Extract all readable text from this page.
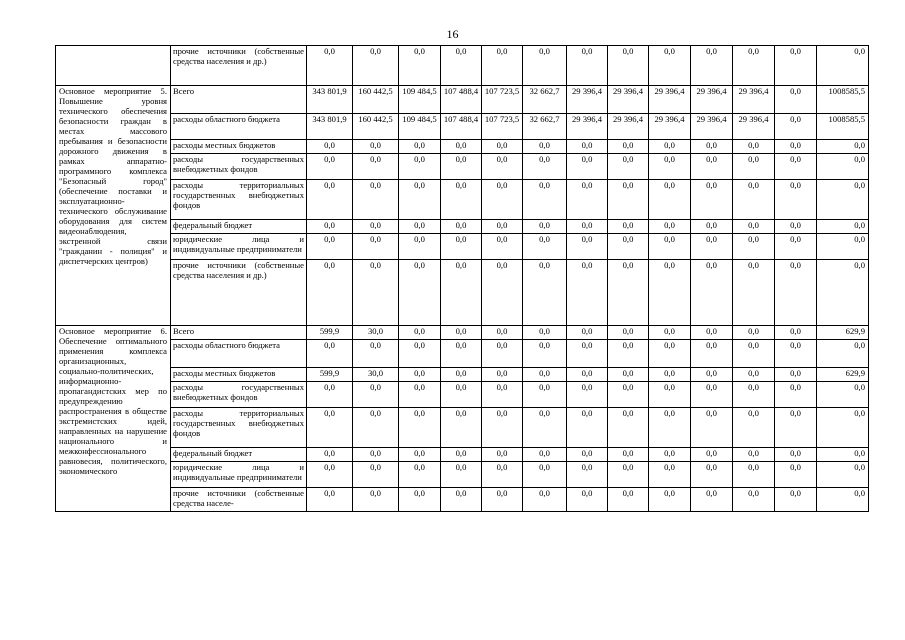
16
	прочие источники (собственные средства населения и др.)	0,0	0,0	0,0	0,0	0,0	0,0	0,0	0,0	0,0	0,0	0,0	0,0	0,0
Основное мероприятие 5. Повышение уровня технического обеспечения безопасности граждан в местах массового пребывания и безопасности дорожного движения в рамках аппаратно-программного комплекса "Безопасный город" (обеспечение поставки и эксплуатационно-технического обслуживание оборудования для систем видеонаблюдения, экстренной связи "гражданин - полиция" и диспетчерских центров)	Всего	343 801,9	160 442,5	109 484,5	107 488,4	107 723,5	32 662,7	29 396,4	29 396,4	29 396,4	29 396,4	29 396,4	0,0	1008585,5
	расходы областного бюджета	343 801,9	160 442,5	109 484,5	107 488,4	107 723,5	32 662,7	29 396,4	29 396,4	29 396,4	29 396,4	29 396,4	0,0	1008585,5
	расходы местных бюджетов	0,0	0,0	0,0	0,0	0,0	0,0	0,0	0,0	0,0	0,0	0,0	0,0	0,0
	расходы государственных внебюджетных фондов	0,0	0,0	0,0	0,0	0,0	0,0	0,0	0,0	0,0	0,0	0,0	0,0	0,0
	расходы территориальных государственных внебюджетных фондов	0,0	0,0	0,0	0,0	0,0	0,0	0,0	0,0	0,0	0,0	0,0	0,0	0,0
	федеральный бюджет	0,0	0,0	0,0	0,0	0,0	0,0	0,0	0,0	0,0	0,0	0,0	0,0	0,0
	юридические лица и индивидуальные предприниматели	0,0	0,0	0,0	0,0	0,0	0,0	0,0	0,0	0,0	0,0	0,0	0,0	0,0
	прочие источники (собственные средства населения и др.)	0,0	0,0	0,0	0,0	0,0	0,0	0,0	0,0	0,0	0,0	0,0	0,0	0,0
Основное мероприятие 6. Обеспечение оптимального применения комплекса организационных, социально-политических, информационно-пропагандистских мер по предупреждению распространения в обществе экстремистских идей, направленных на нарушение национального и межконфессионального равновесия, политического, экономического	Всего	599,9	30,0	0,0	0,0	0,0	0,0	0,0	0,0	0,0	0,0	0,0	0,0	629,9
	расходы областного бюджета	0,0	0,0	0,0	0,0	0,0	0,0	0,0	0,0	0,0	0,0	0,0	0,0	0,0
	расходы местных бюджетов	599,9	30,0	0,0	0,0	0,0	0,0	0,0	0,0	0,0	0,0	0,0	0,0	629,9
	расходы государственных внебюджетных фондов	0,0	0,0	0,0	0,0	0,0	0,0	0,0	0,0	0,0	0,0	0,0	0,0	0,0
	расходы территориальных государственных внебюджетных фондов	0,0	0,0	0,0	0,0	0,0	0,0	0,0	0,0	0,0	0,0	0,0	0,0	0,0
	федеральный бюджет	0,0	0,0	0,0	0,0	0,0	0,0	0,0	0,0	0,0	0,0	0,0	0,0	0,0
	юридические лица и индивидуальные предприниматели	0,0	0,0	0,0	0,0	0,0	0,0	0,0	0,0	0,0	0,0	0,0	0,0	0,0
	прочие источники (собственные средства населе-	0,0	0,0	0,0	0,0	0,0	0,0	0,0	0,0	0,0	0,0	0,0	0,0	0,0
